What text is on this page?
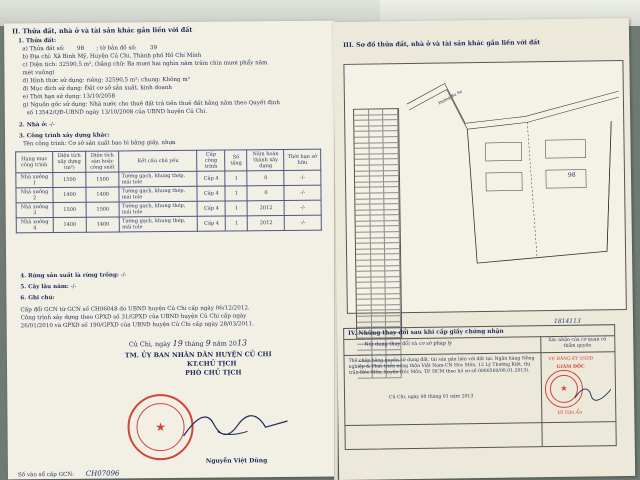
II. Thửa đất, nhà ở và tài sản khác gắn liền với đất
1. Thửa đất:
a) Thửa đất số: 98 ; tờ bản đồ số: 39
b) Địa chỉ: Xã Bình Mỹ, Huyện Củ Chi, Thành phố Hồ Chí Minh
c) Diện tích: 32590,5 m², (bằng chữ: Ba mươi hai nghìn năm trăm chín mươi phẩy năm
mét vuông)
d) Hình thức sử dụng: riêng: 32590,5 m²; chung: Không m²
đ) Mục đích sử dụng: Đất cơ sở sản xuất, kinh doanh
e) Thời hạn sử dụng: 13/10/2058
g) Nguồn gốc sử dụng: Nhà nước cho thuê đất trả tiền thuê đất hằng năm theo Quyết định
số 13542/QĐ-UBND ngày 13/10/2008 của UBND huyện Củ Chi.
2. Nhà ở: -/-
3. Công trình xây dựng khác:
Tên công trình: Cơ sở sản xuất bao bì bằng giấy, nhựa
Hạng mục công trình	Diện tích xây dựng (m²)	Diện tích sàn hoặc công suất	Kết cấu chủ yếu	Cấp công trình	Số tầng	Năm hoàn thành xây dựng	Thời hạn sở hữu
Nhà xưởng 1	1500	1500	Tường gạch, khung thép, mái tole	Cấp 4	1	0	-/-
Nhà xưởng 2	1400	1400	Tường gạch, khung thép, mái tole	Cấp 4	1	0	-/-
Nhà xưởng 3	1500	1500	Tường gạch, khung thép, mái tole	Cấp 4	1	2012	-/-
Nhà xưởng 4	1400	1400	Tường gạch, khung thép, mái tole	Cấp 4	1	2012	-/-
4. Rừng sản xuất là rừng trồng: -/-
5. Cây lâu năm: -/-
6. Ghi chú:
Cấp đổi GCN từ GCN số CH06048 do UBND huyện Củ Chi cấp ngày 06/12/2012.
Công trình xây dựng theo GPXD số 31/GPXD của UBND huyện Củ Chi cấp ngày
26/01/2010 và GPXD số 190/GPXD của UBND huyện Củ Chi cấp ngày 28/03/2011.
Củ Chi, ngày 19 tháng 9 năm 2013
TM. ỦY BAN NHÂN DÂN HUYỆN CỦ CHI
KT.CHỦ TỊCH
PHÓ CHỦ TỊCH
★
Nguyễn Việt Dũng
Số vào sổ cấp GCN: CH07096
III. Sơ đồ thửa đất, nhà ở và tài sản khác gắn liền với đất
98
Đường Ba Sa
IV. Những thay đổi sau khi cấp giấy chứng nhận
1814113
Nội dung thay đổi và cơ sở pháp lý
Xác nhận của cơ quan có thẩm quyền
Thế chấp bằng quyền sử dụng đất, tài sản gắn liền với đất tại: Ngân hàng Nông nghiệp & Phát triển nông thôn Việt Nam-CN Hóc Môn, 12 Lý Thường Kiệt, thị trấn Hóc Môn, huyện Hóc Môn, TP. HCM theo hồ sơ số 0000560/08.01.2013).
Củ Chi, ngày 08 tháng 01 năm 2013
VP. ĐĂNG KÝ QSDĐ
GIÁM ĐỐC
★
Võ Văn Ẩn
